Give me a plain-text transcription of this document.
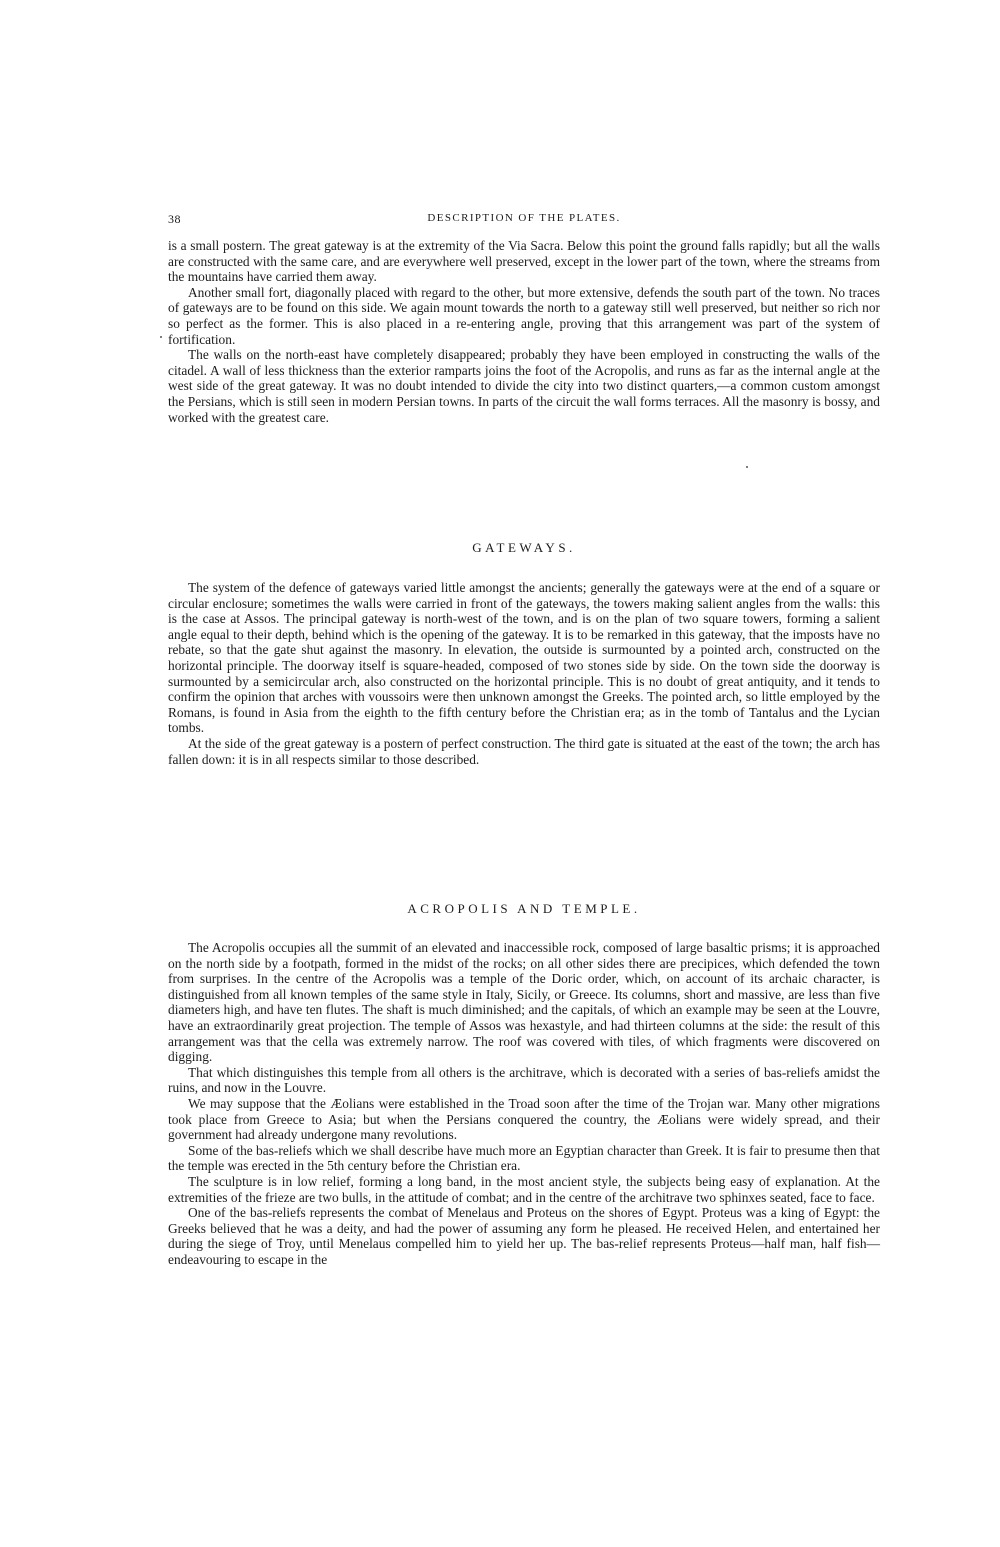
38	DESCRIPTION OF THE PLATES.

is a small postern. The great gateway is at the extremity of the Via Sacra. Below this point the ground falls rapidly; but all the walls are constructed with the same care, and are everywhere well preserved, except in the lower part of the town, where the streams from the mountains have carried them away.

Another small fort, diagonally placed with regard to the other, but more extensive, defends the south part of the town. No traces of gateways are to be found on this side. We again mount towards the north to a gateway still well preserved, but neither so rich nor so perfect as the former. This is also placed in a re-entering angle, proving that this arrangement was part of the system of fortification.

The walls on the north-east have completely disappeared; probably they have been employed in constructing the walls of the citadel. A wall of less thickness than the exterior ramparts joins the foot of the Acropolis, and runs as far as the internal angle at the west side of the great gateway. It was no doubt intended to divide the city into two distinct quarters,—a common custom amongst the Persians, which is still seen in modern Persian towns. In parts of the circuit the wall forms terraces. All the masonry is bossy, and worked with the greatest care.

GATEWAYS.

The system of the defence of gateways varied little amongst the ancients; generally the gateways were at the end of a square or circular enclosure; sometimes the walls were carried in front of the gateways, the towers making salient angles from the walls: this is the case at Assos. The principal gateway is north-west of the town, and is on the plan of two square towers, forming a salient angle equal to their depth, behind which is the opening of the gateway. It is to be remarked in this gateway, that the imposts have no rebate, so that the gate shut against the masonry. In elevation, the outside is surmounted by a pointed arch, constructed on the horizontal principle. The doorway itself is square-headed, composed of two stones side by side. On the town side the doorway is surmounted by a semicircular arch, also constructed on the horizontal principle. This is no doubt of great antiquity, and it tends to confirm the opinion that arches with voussoirs were then unknown amongst the Greeks. The pointed arch, so little employed by the Romans, is found in Asia from the eighth to the fifth century before the Christian era; as in the tomb of Tantalus and the Lycian tombs.

At the side of the great gateway is a postern of perfect construction. The third gate is situated at the east of the town; the arch has fallen down: it is in all respects similar to those described.

ACROPOLIS AND TEMPLE.

The Acropolis occupies all the summit of an elevated and inaccessible rock, composed of large basaltic prisms; it is approached on the north side by a footpath, formed in the midst of the rocks; on all other sides there are precipices, which defended the town from surprises. In the centre of the Acropolis was a temple of the Doric order, which, on account of its archaic character, is distinguished from all known temples of the same style in Italy, Sicily, or Greece. Its columns, short and massive, are less than five diameters high, and have ten flutes. The shaft is much diminished; and the capitals, of which an example may be seen at the Louvre, have an extraordinarily great projection. The temple of Assos was hexastyle, and had thirteen columns at the side: the result of this arrangement was that the cella was extremely narrow. The roof was covered with tiles, of which fragments were discovered on digging.

That which distinguishes this temple from all others is the architrave, which is decorated with a series of bas-reliefs amidst the ruins, and now in the Louvre.

We may suppose that the Æolians were established in the Troad soon after the time of the Trojan war. Many other migrations took place from Greece to Asia; but when the Persians conquered the country, the Æolians were widely spread, and their government had already undergone many revolutions.

Some of the bas-reliefs which we shall describe have much more an Egyptian character than Greek. It is fair to presume then that the temple was erected in the 5th century before the Christian era.

The sculpture is in low relief, forming a long band, in the most ancient style, the subjects being easy of explanation. At the extremities of the frieze are two bulls, in the attitude of combat; and in the centre of the architrave two sphinxes seated, face to face.

One of the bas-reliefs represents the combat of Menelaus and Proteus on the shores of Egypt. Proteus was a king of Egypt: the Greeks believed that he was a deity, and had the power of assuming any form he pleased. He received Helen, and entertained her during the siege of Troy, until Menelaus compelled him to yield her up. The bas-relief represents Proteus—half man, half fish—endeavouring to escape in the
